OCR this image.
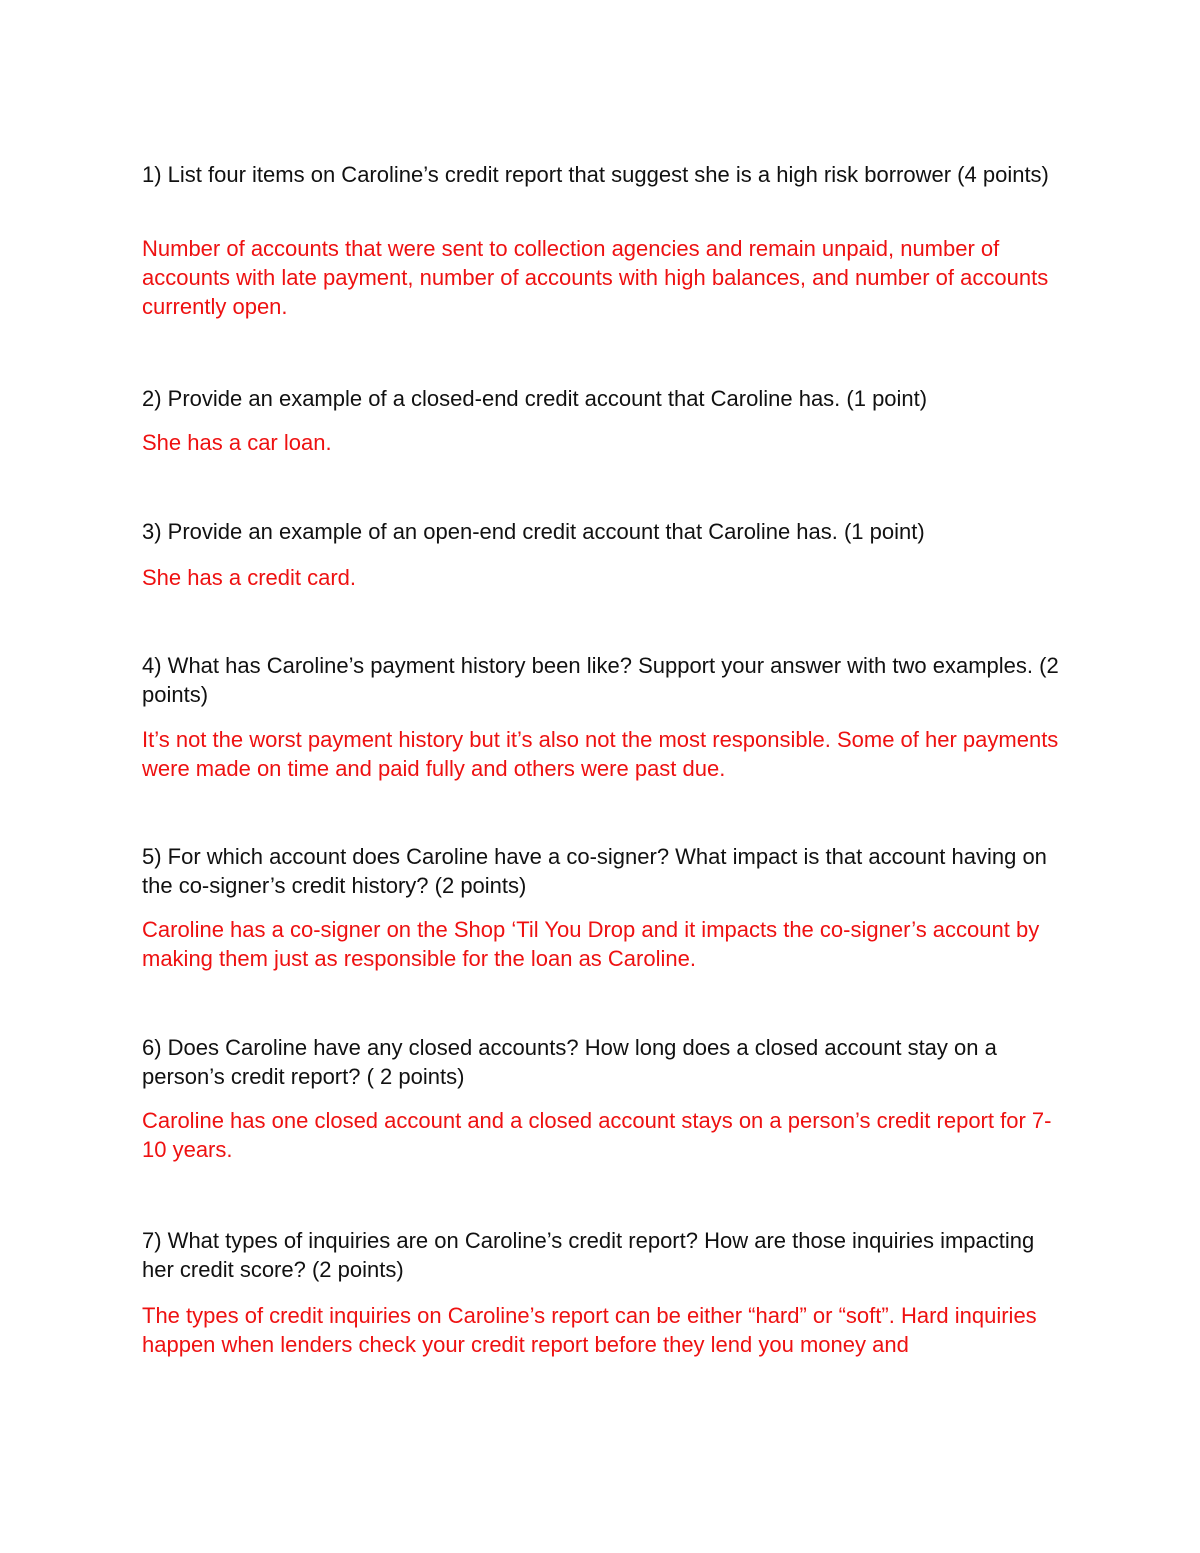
1) List four items on Caroline’s credit report that suggest she is a high risk borrower (4 points)

Number of accounts that were sent to collection agencies and remain unpaid, number of accounts with late payment, number of accounts with high balances, and number of accounts currently open.

2) Provide an example of a closed-end credit account that Caroline has. (1 point)

She has a car loan.

3) Provide an example of an open-end credit account that Caroline has. (1 point)

She has a credit card.

4) What has Caroline’s payment history been like? Support your answer with two examples. (2 points)

It’s not the worst payment history but it’s also not the most responsible. Some of her payments were made on time and paid fully and others were past due.

5) For which account does Caroline have a co-signer? What impact is that account having on the co-signer’s credit history? (2 points)

Caroline has a co-signer on the Shop ‘Til You Drop and it impacts the co-signer’s account by making them just as responsible for the loan as Caroline.

6) Does Caroline have any closed accounts? How long does a closed account stay on a person’s credit report? ( 2 points)

Caroline has one closed account and a closed account stays on a person’s credit report for 7-10 years.

7) What types of inquiries are on Caroline’s credit report? How are those inquiries impacting her credit score? (2 points)

The types of credit inquiries on Caroline’s report can be either “hard” or “soft”. Hard inquiries happen when lenders check your credit report before they lend you money and
